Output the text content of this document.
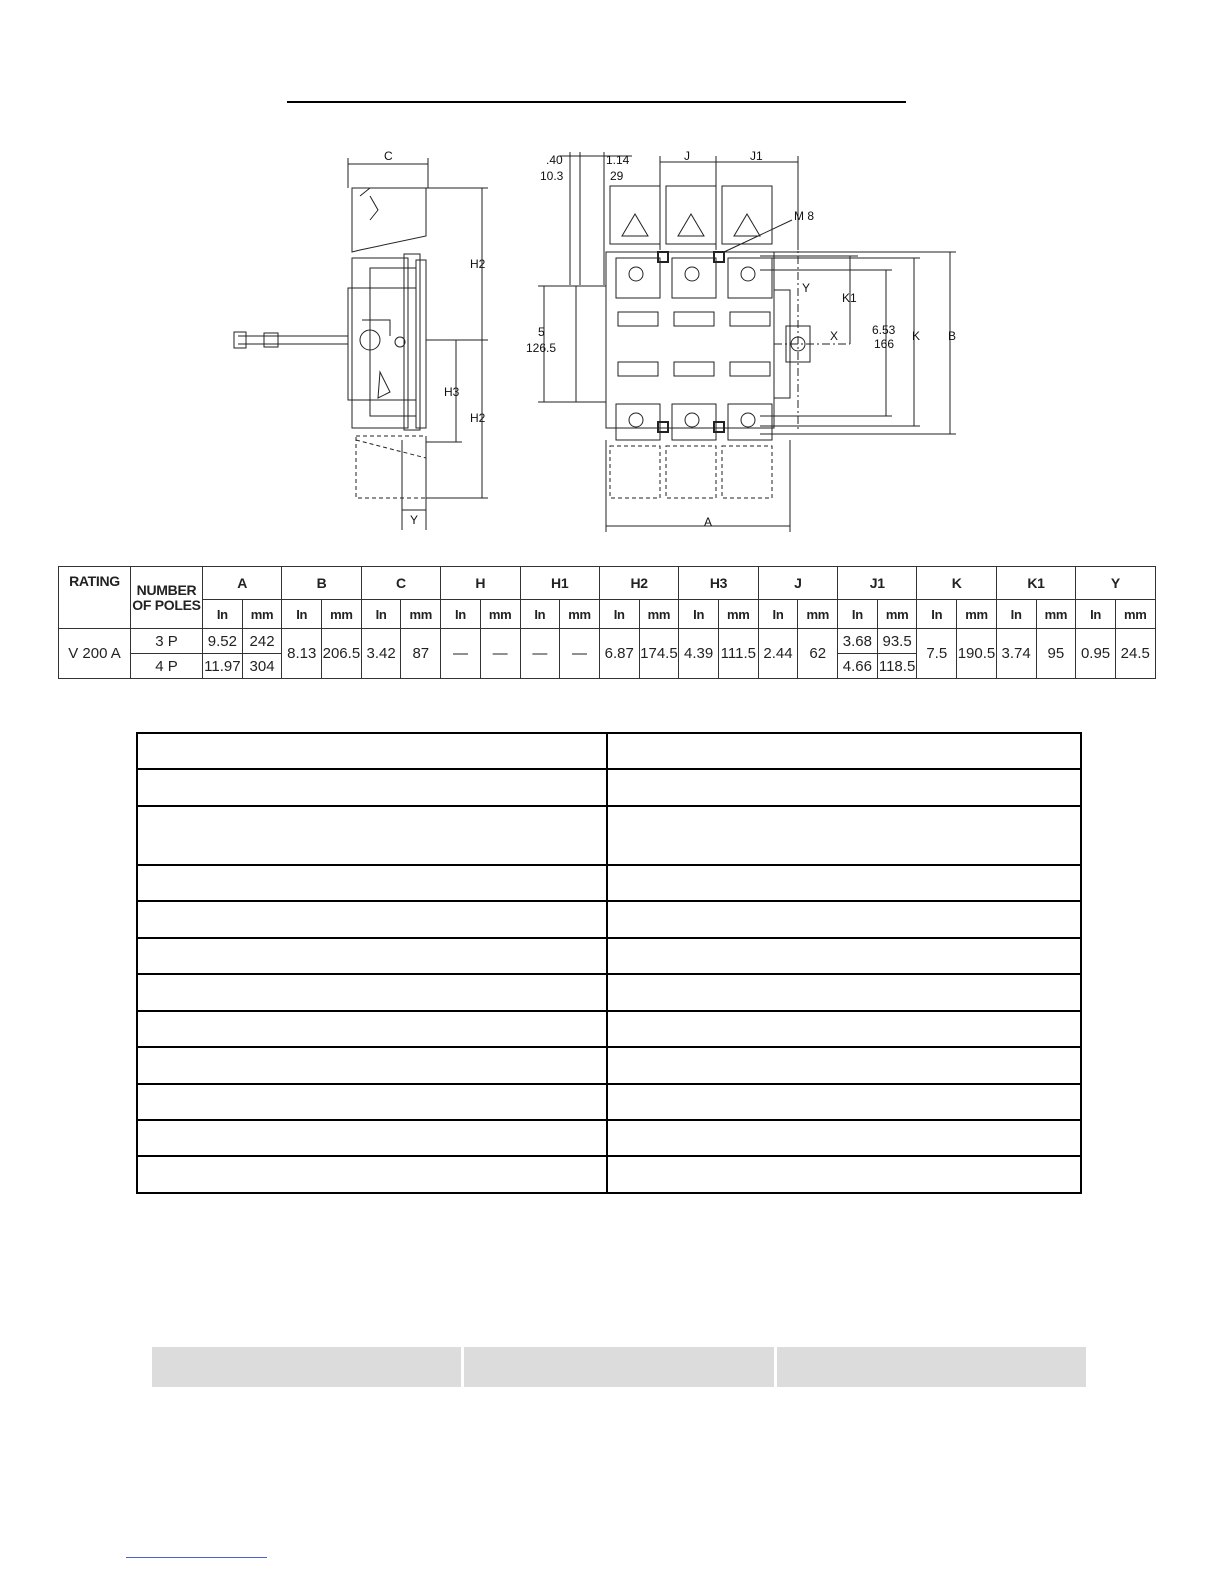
C
H2
H2
H3
Y
.40
10.3
1.14
29
J	J1
M 8
Y
X
K1
6.53
166
K B
5
126.5
A
RATING	NUMBER OF POLES	A		B		C		H		H1		H2		H3		J		J1		K		K1		Y	
		In	mm	In	mm	In	mm	In	mm	In	mm	In	mm	In	mm	In	mm	In	mm	In	mm	In	mm	In	mm
V 200 A	3 P	9.52	242	8.13	206.5	3.42	87	—	—	—	—	6.87	174.5	4.39	111.5	2.44	62	3.68	93.5	7.5	190.5	3.74	95	0.95	24.5
	4 P	11.97	304															4.66	118.5						
